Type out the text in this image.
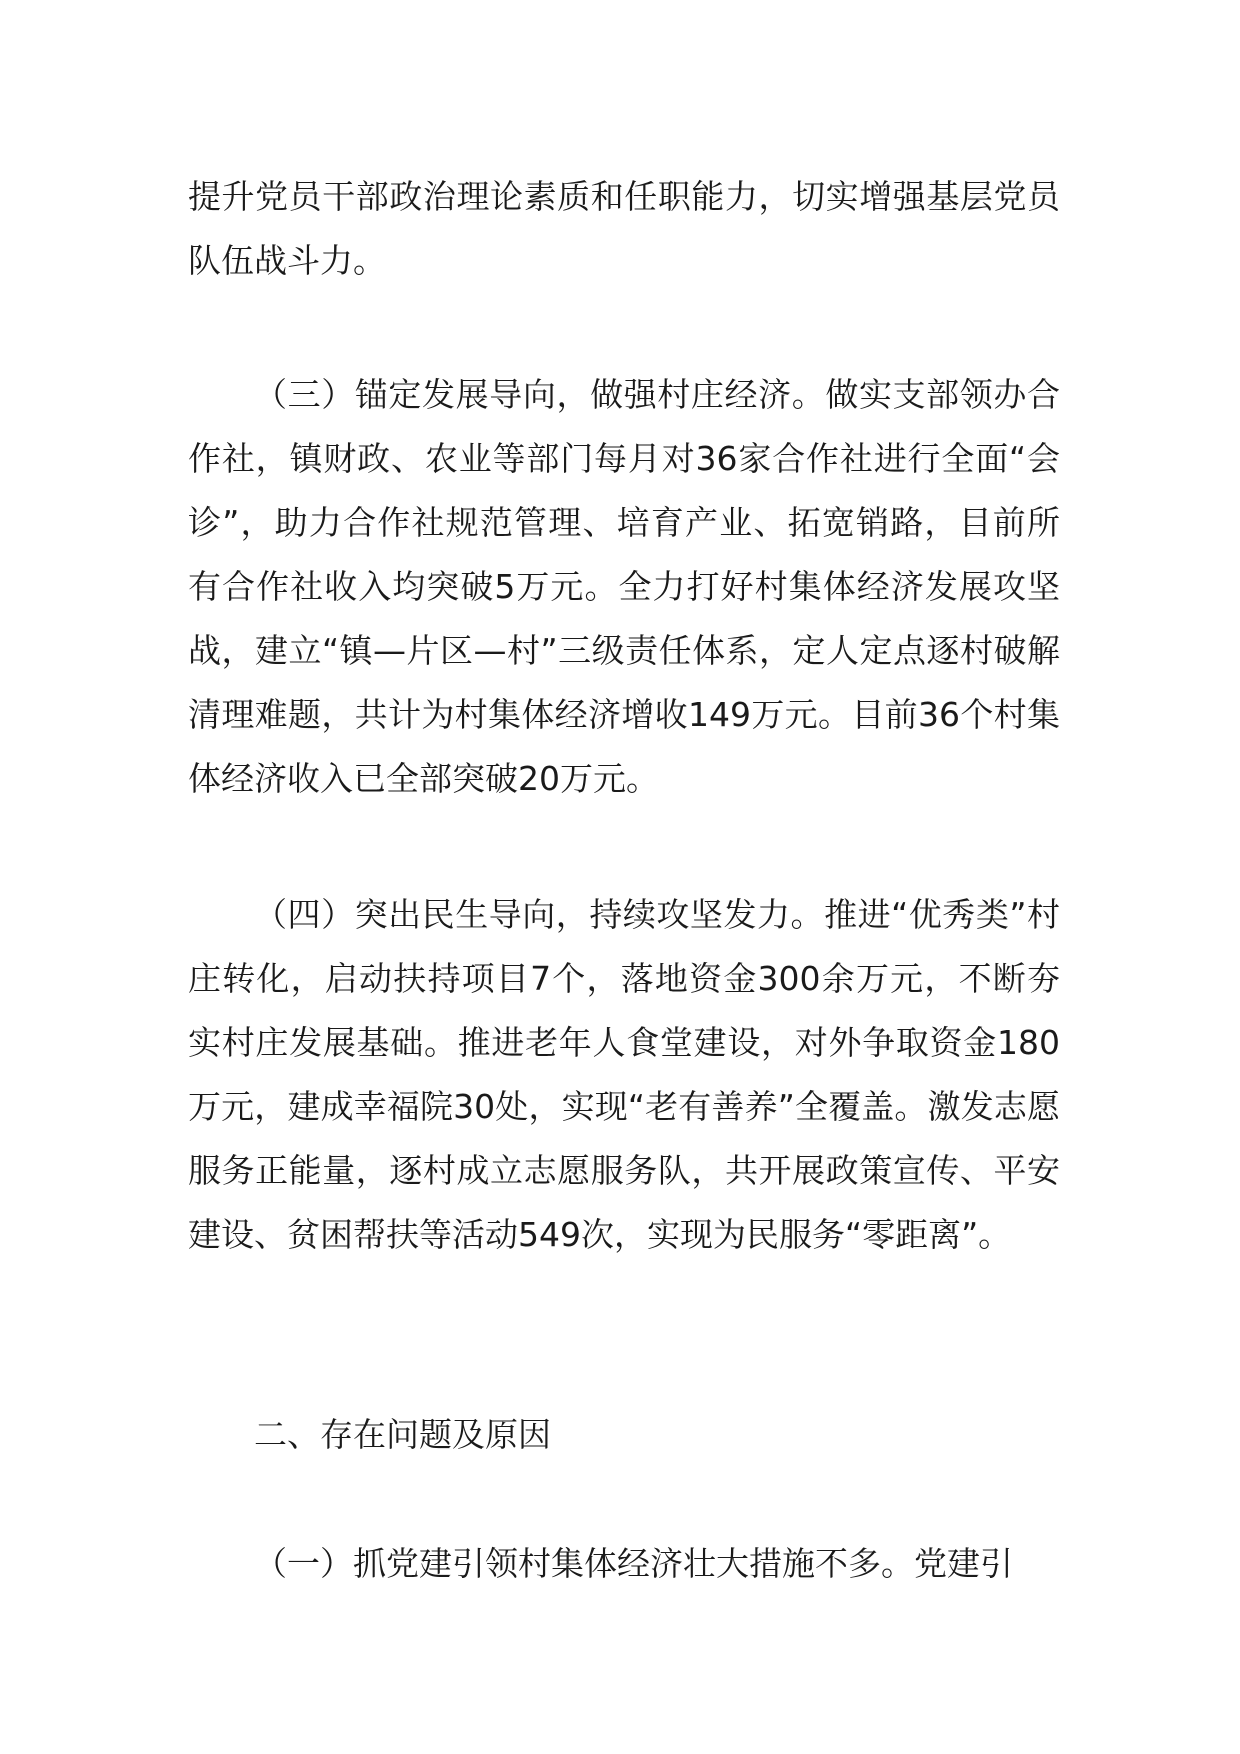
提升党员干部政治理论素质和任职能力，切实增强基层党员队伍战斗力。

（三）锚定发展导向，做强村庄经济。做实支部领办合作社，镇财政、农业等部门每月对36家合作社进行全面“会诊”，助力合作社规范管理、培育产业、拓宽销路，目前所有合作社收入均突破5万元。全力打好村集体经济发展攻坚战，建立“镇—片区—村”三级责任体系，定人定点逐村破解清理难题，共计为村集体经济增收149万元。目前36个村集体经济收入已全部突破20万元。

（四）突出民生导向，持续攻坚发力。推进“优秀类”村庄转化，启动扶持项目7个，落地资金300余万元，不断夯实村庄发展基础。推进老年人食堂建设，对外争取资金180万元，建成幸福院30处，实现“老有善养”全覆盖。激发志愿服务正能量，逐村成立志愿服务队，共开展政策宣传、平安建设、贫困帮扶等活动549次，实现为民服务“零距离”。

二、存在问题及原因

（一）抓党建引领村集体经济壮大措施不多。党建引
